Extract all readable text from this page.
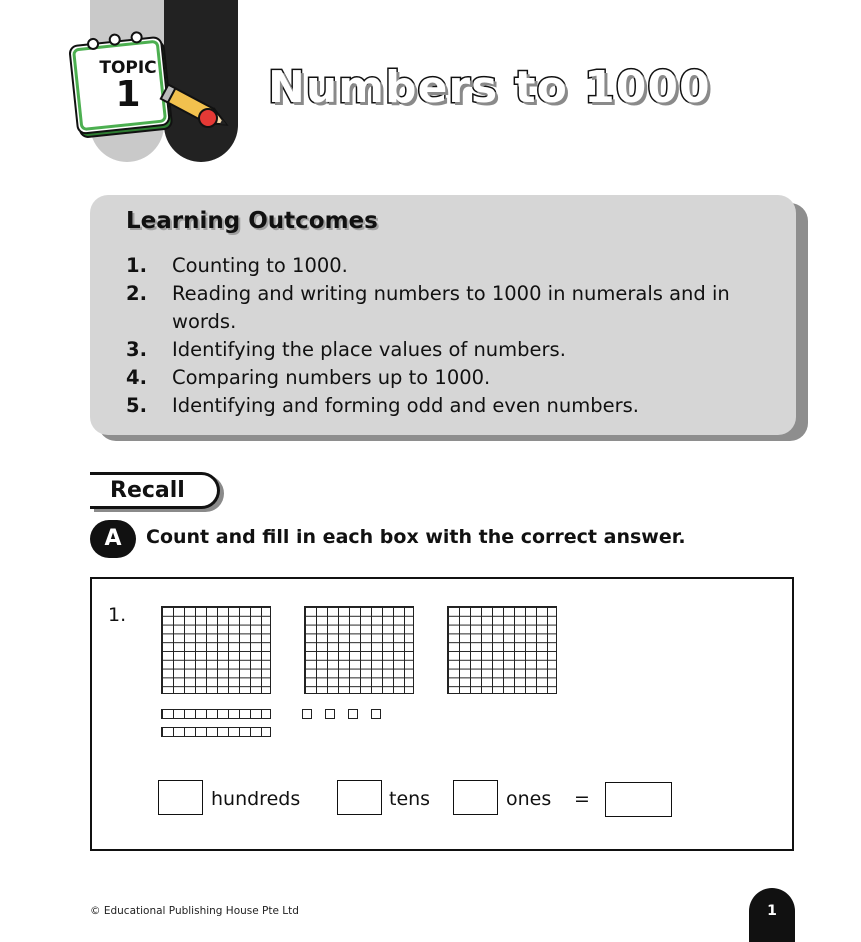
TOPIC
1	Numbers to 1000
Learning Outcomes
1.	Counting to 1000.
2.	Reading and writing numbers to 1000 in numerals and in words.
3.	Identifying the place values of numbers.
4.	Comparing numbers up to 1000.
5.	Identifying and forming odd and even numbers.
Recall
A	Count and fill in each box with the correct answer.
1.
hundreds	tens	ones =
© Educational Publishing House Pte Ltd	1
